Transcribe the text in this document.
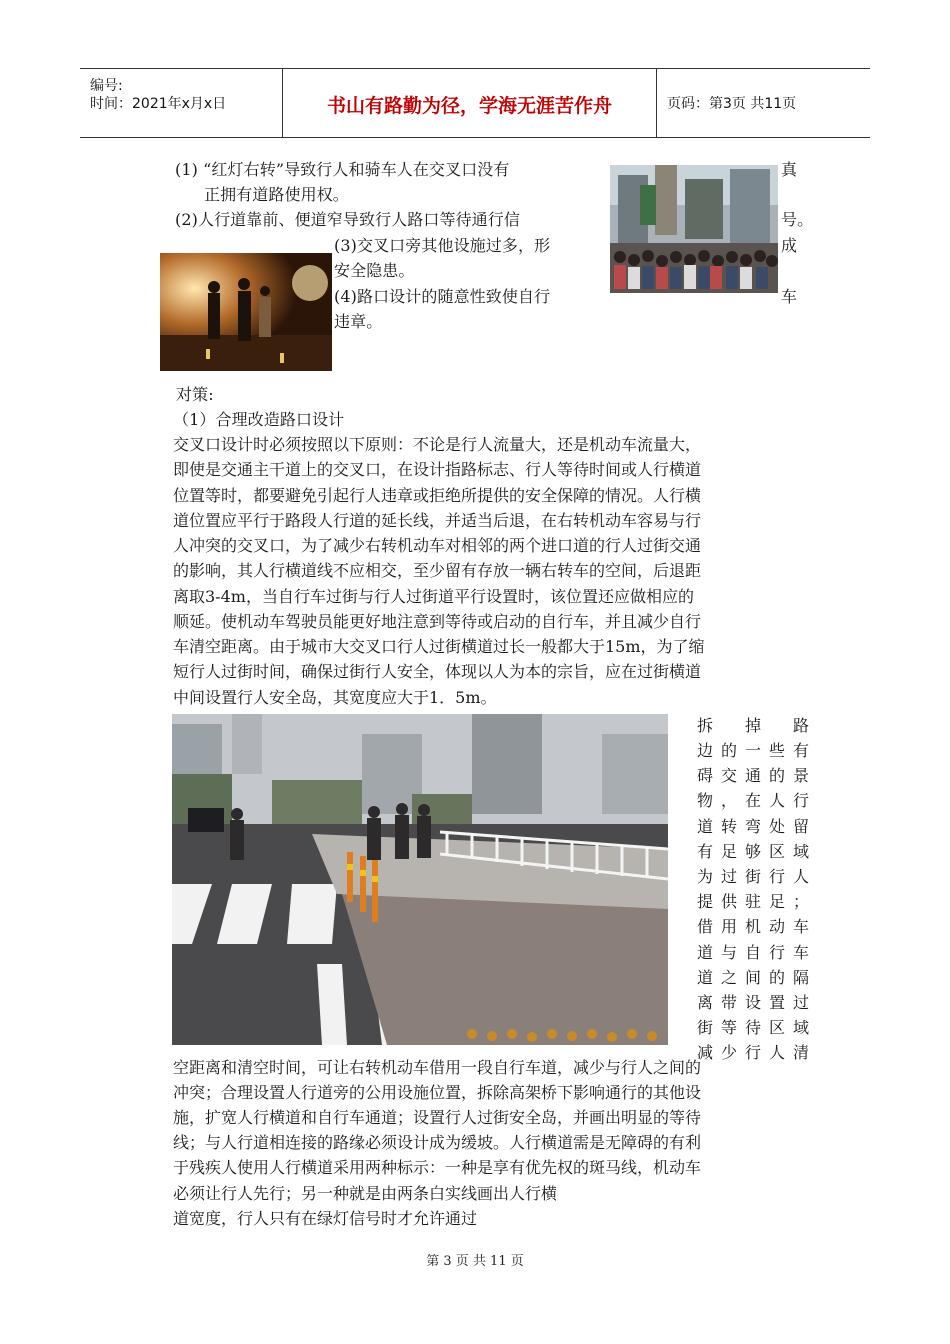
编号:
时间：2021年x月x日	书山有路勤为径，学海无涯苦作舟	页码：第3页 共11页
(1) “红灯右转”导致行人和骑车人在交叉口没有	真
正拥有道路使用权。
(2)人行道靠前、便道窄导致行人路口等待通行信	号。
(3)交叉口旁其他设施过多，形	成
安全隐患。
(4)路口设计的随意性致使自行	车
违章。
对策:
（1）合理改造路口设计
交叉口设计时必须按照以下原则：不论是行人流量大，还是机动车流量大，
即使是交通主干道上的交叉口，在设计指路标志、行人等待时间或人行横道
位置等时，都要避免引起行人违章或拒绝所提供的安全保障的情况。人行横
道位置应平行于路段人行道的延长线，并适当后退，在右转机动车容易与行
人冲突的交叉口，为了减少右转机动车对相邻的两个进口道的行人过街交通
的影响，其人行横道线不应相交，至少留有存放一辆右转车的空间，后退距
离取3-4m，当自行车过街与行人过街道平行设置时，该位置还应做相应的
顺延。使机动车驾驶员能更好地注意到等待或启动的自行车，并且减少自行
车清空距离。由于城市大交叉口行人过街横道过长一般都大于15m，为了缩
短行人过街时间，确保过街行人安全，体现以人为本的宗旨，应在过街横道
中间设置行人安全岛，其宽度应大于1．5m。
拆掉路
边的一些有
碍交通的景
物，在人行
道转弯处留
有足够区域
为过街行人
提供驻足；
借用机动车
道与自行车
道之间的隔
离带设置过
街等待区域
减少行人清
空距离和清空时间，可让右转机动车借用一段自行车道，减少与行人之间的
冲突；合理设置人行道旁的公用设施位置，拆除高架桥下影响通行的其他设
施，扩宽人行横道和自行车通道；设置行人过街安全岛，并画出明显的等待
线；与人行道相连接的路缘必须设计成为缓坡。人行横道需是无障碍的有利
于残疾人使用人行横道采用两种标示：一种是享有优先权的斑马线，机动车
必须让行人先行；另一种就是由两条白实线画出人行横
道宽度，行人只有在绿灯信号时才允许通过
第 3 页 共 11 页
